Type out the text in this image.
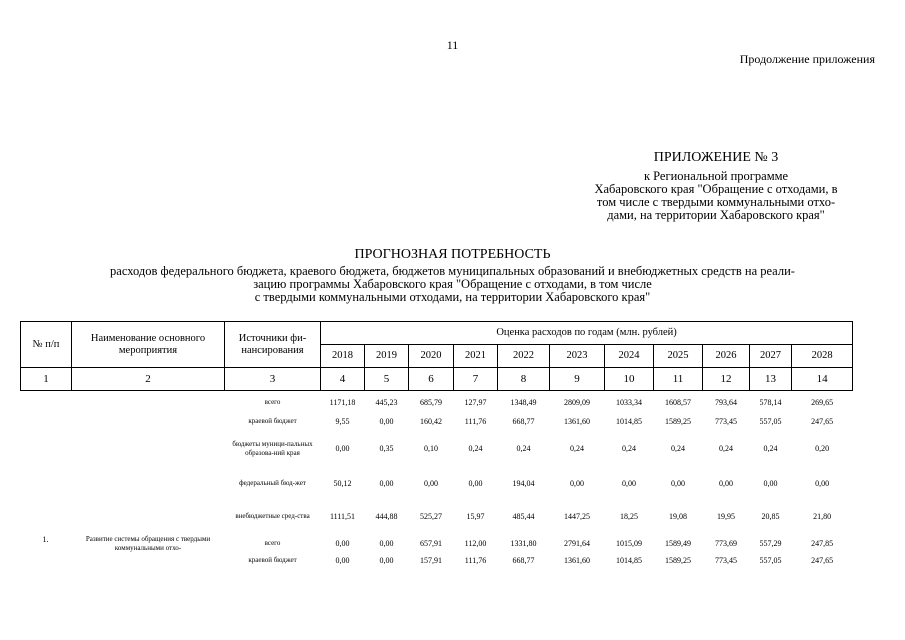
11
Продолжение приложения
ПРИЛОЖЕНИЕ № 3
к Региональной программе
Хабаровского края "Обращение с отходами, в
том числе с твердыми коммунальными отхо-
дами, на территории Хабаровского края"
ПРОГНОЗНАЯ ПОТРЕБНОСТЬ
расходов федерального бюджета, краевого бюджета, бюджетов муниципальных образований и внебюджетных средств на реали-
зацию программы Хабаровского края "Обращение с отходами, в том числе
с твердыми коммунальными отходами, на территории Хабаровского края"
№ п/п	Наименование основного мероприятия	Источники фи-нансирования	Оценка расходов по годам (млн. рублей)										
			2018	2019	2020	2021	2022	2023	2024	2025	2026	2027	2028
1	2	3	4	5	6	7	8	9	10	11	12	13	14
		всего	1171,18	445,23	685,79	127,97	1348,49	2809,09	1033,34	1608,57	793,64	578,14	269,65
		краевой бюджет	9,55	0,00	160,42	111,76	668,77	1361,60	1014,85	1589,25	773,45	557,05	247,65
		бюджеты муници-пальных образова-ний края	0,00	0,35	0,10	0,24	0,24	0,24	0,24	0,24	0,24	0,24	0,20
		федеральный бюд-жет	50,12	0,00	0,00	0,00	194,04	0,00	0,00	0,00	0,00	0,00	0,00
		внебюджетные сред-ства	1111,51	444,88	525,27	15,97	485,44	1447,25	18,25	19,08	19,95	20,85	21,80
1.	Развитие системы обращения с твердыми коммунальными отхо-	всего	0,00	0,00	657,91	112,00	1331,80	2791,64	1015,09	1589,49	773,69	557,29	247,85
		краевой бюджет	0,00	0,00	157,91	111,76	668,77	1361,60	1014,85	1589,25	773,45	557,05	247,65
